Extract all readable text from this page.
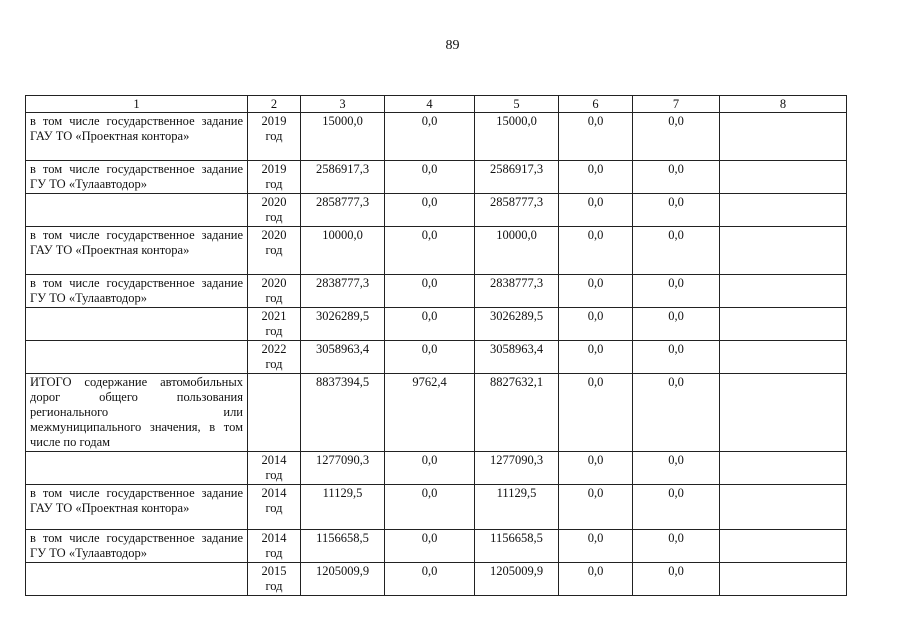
89
1	2	3	4	5	6	7	8
в том числе государственное задание ГАУ ТО «Проектная контора»	2019 год	15000,0	0,0	15000,0	0,0	0,0	
в том числе государственное задание ГУ ТО «Тулаавтодор»	2019 год	2586917,3	0,0	2586917,3	0,0	0,0	
	2020 год	2858777,3	0,0	2858777,3	0,0	0,0	
в том числе государственное задание ГАУ ТО «Проектная контора»	2020 год	10000,0	0,0	10000,0	0,0	0,0	
в том числе государственное задание ГУ ТО «Тулаавтодор»	2020 год	2838777,3	0,0	2838777,3	0,0	0,0	
	2021 год	3026289,5	0,0	3026289,5	0,0	0,0	
	2022 год	3058963,4	0,0	3058963,4	0,0	0,0	
ИТОГО содержание автомобильных дорог общего пользования регионального или межмуниципального значения, в том числе по годам		8837394,5	9762,4	8827632,1	0,0	0,0	
	2014 год	1277090,3	0,0	1277090,3	0,0	0,0	
в том числе государственное задание ГАУ ТО «Проектная контора»	2014 год	11129,5	0,0	11129,5	0,0	0,0	
в том числе государственное задание ГУ ТО «Тулаавтодор»	2014 год	1156658,5	0,0	1156658,5	0,0	0,0	
	2015 год	1205009,9	0,0	1205009,9	0,0	0,0	
